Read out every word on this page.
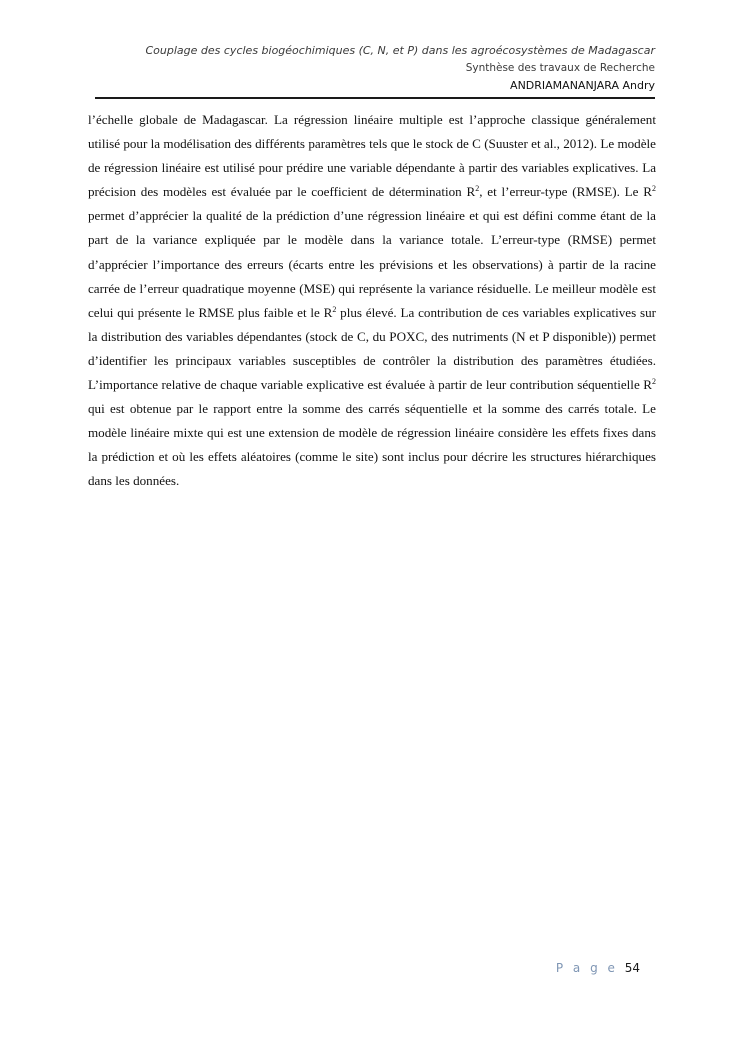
Couplage des cycles biogéochimiques (C, N, et P) dans les agroécosystèmes de Madagascar
Synthèse des travaux de Recherche
ANDRIAMANANJARA Andry

l’échelle globale de Madagascar. La régression linéaire multiple est l’approche classique généralement utilisé pour la modélisation des différents paramètres tels que le stock de C (Suuster et al., 2012). Le modèle de régression linéaire est utilisé pour prédire une variable dépendante à partir des variables explicatives. La précision des modèles est évaluée par le coefficient de détermination $R^2$, et l’erreur-type (RMSE). Le $R^2$ permet d’apprécier la qualité de la prédiction d’une régression linéaire et qui est défini comme étant de la part de la variance expliquée par le modèle dans la variance totale. L’erreur-type (RMSE) permet d’apprécier l’importance des erreurs (écarts entre les prévisions et les observations) à partir de la racine carrée de l’erreur quadratique moyenne (MSE) qui représente la variance résiduelle. Le meilleur modèle est celui qui présente le RMSE plus faible et le $R^2$ plus élevé. La contribution de ces variables explicatives sur la distribution des variables dépendantes (stock de C, du POXC, des nutriments (N et P disponible)) permet d’identifier les principaux variables susceptibles de contrôler la distribution des paramètres étudiées. L’importance relative de chaque variable explicative est évaluée à partir de leur contribution séquentielle $R^2$ qui est obtenue par le rapport entre la somme des carrés séquentielle et la somme des carrés totale. Le modèle linéaire mixte qui est une extension de modèle de régression linéaire considère les effets fixes dans la prédiction et où les effets aléatoires (comme le site) sont inclus pour décrire les structures hiérarchiques dans les données.

P a g e 54
